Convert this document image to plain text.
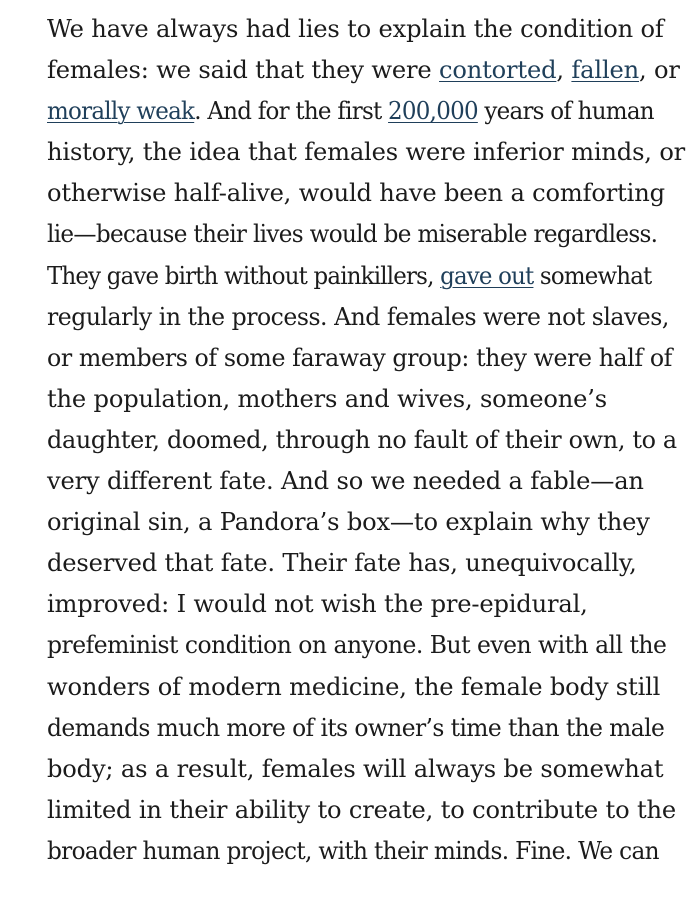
We have always had lies to explain the condition of
females: we said that they were contorted, fallen, or
morally weak. And for the first 200,000 years of human
history, the idea that females were inferior minds, or
otherwise half-alive, would have been a comforting
lie—because their lives would be miserable regardless.
They gave birth without painkillers, gave out somewhat
regularly in the process. And females were not slaves,
or members of some faraway group: they were half of
the population, mothers and wives, someone’s
daughter, doomed, through no fault of their own, to a
very different fate. And so we needed a fable—an
original sin, a Pandora’s box—to explain why they
deserved that fate. Their fate has, unequivocally,
improved: I would not wish the pre-epidural,
prefeminist condition on anyone. But even with all the
wonders of modern medicine, the female body still
demands much more of its owner’s time than the male
body; as a result, females will always be somewhat
limited in their ability to create, to contribute to the
broader human project, with their minds. Fine. We can
